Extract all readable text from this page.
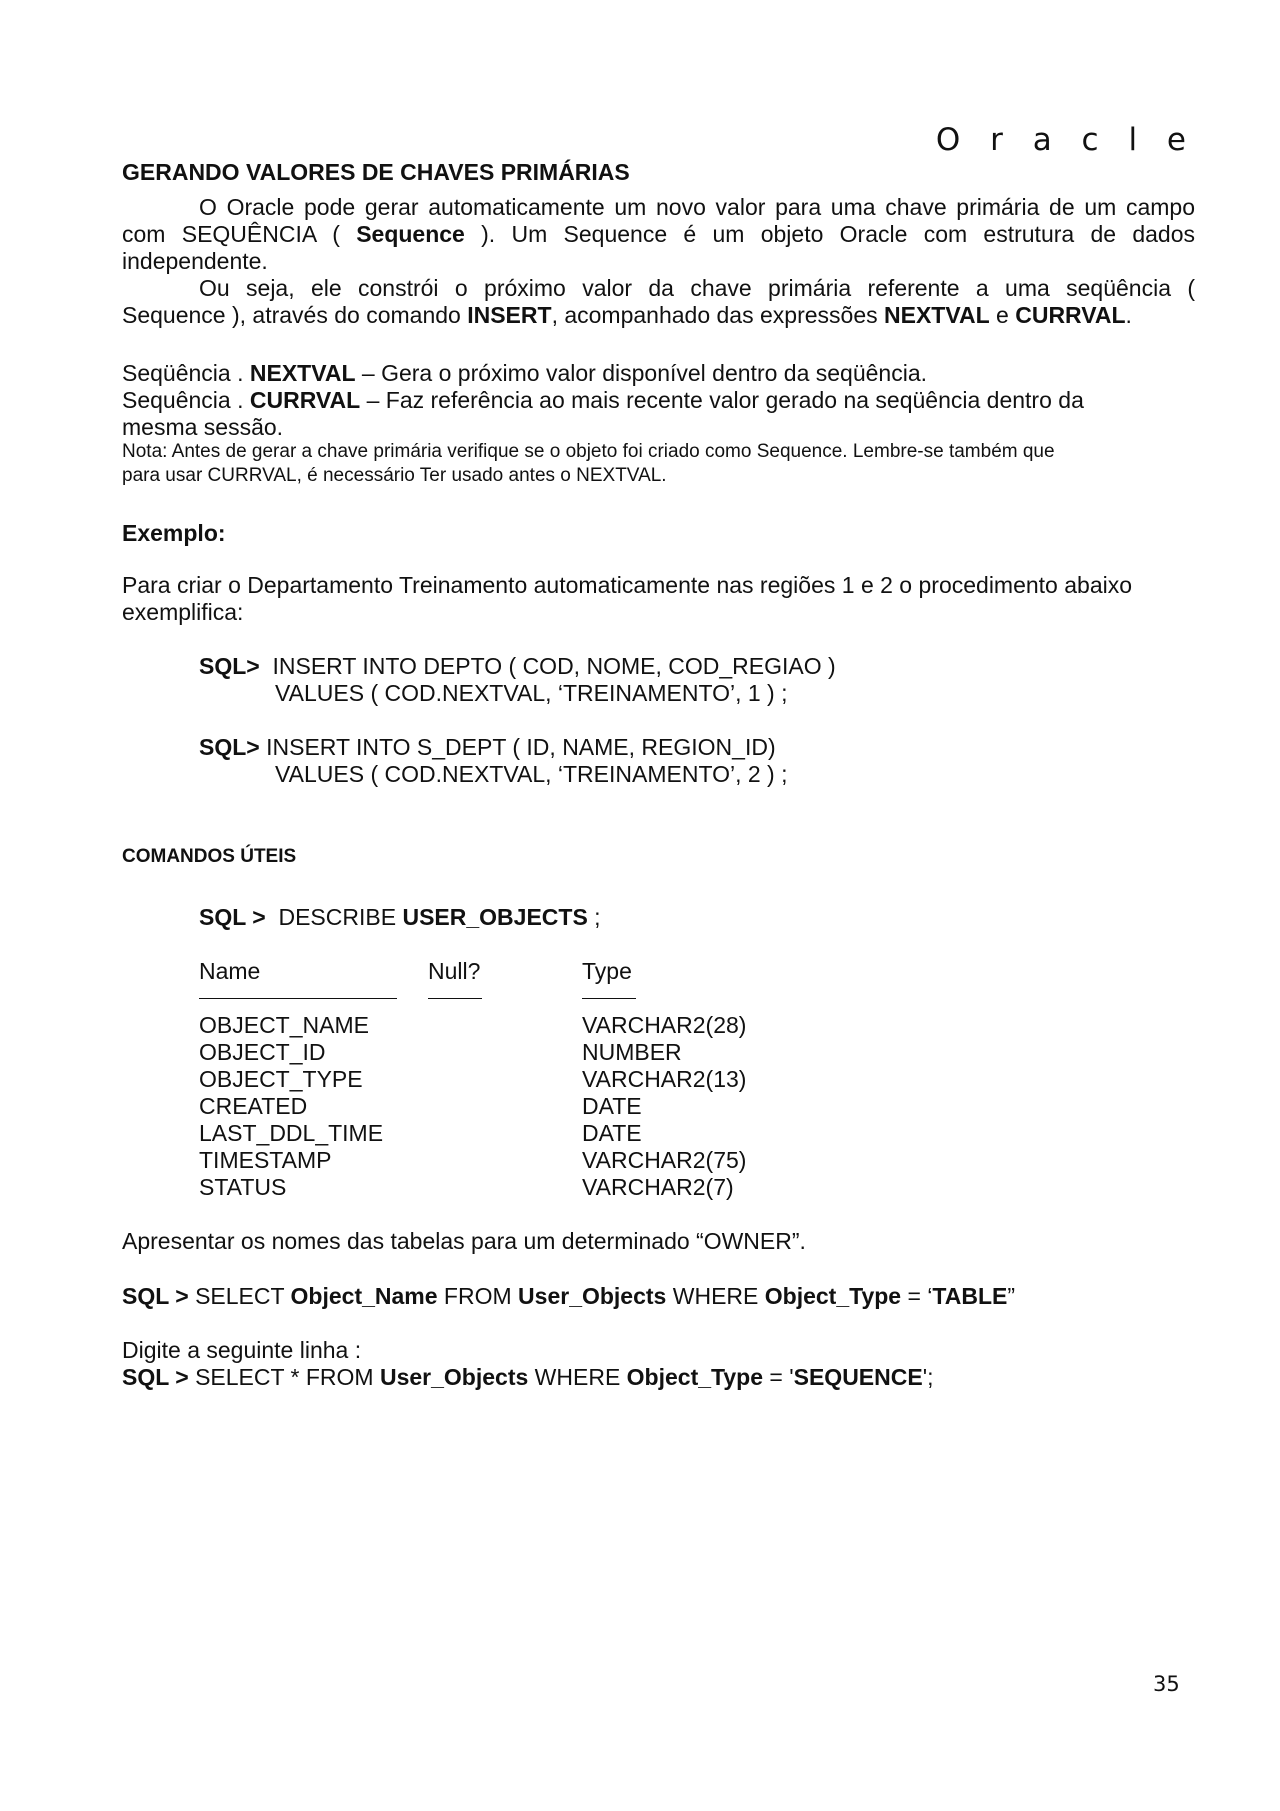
O r a c l e
GERANDO VALORES DE CHAVES PRIMÁRIAS
O Oracle pode gerar automaticamente um novo valor para uma chave primária de um campo
com SEQUÊNCIA ( Sequence ). Um Sequence é um objeto Oracle com estrutura de dados
independente.
Ou seja, ele constrói o próximo valor da chave primária referente a uma seqüência (
Sequence ), através do comando INSERT, acompanhado das expressões NEXTVAL e CURRVAL.
Seqüência . NEXTVAL – Gera o próximo valor disponível dentro da seqüência.
Sequência . CURRVAL – Faz referência ao mais recente valor gerado na seqüência dentro da
mesma sessão.
Nota: Antes de gerar a chave primária verifique se o objeto foi criado como Sequence. Lembre-se também que
para usar CURRVAL, é necessário Ter usado antes o NEXTVAL.
Exemplo:
Para criar o Departamento Treinamento automaticamente nas regiões 1 e 2 o procedimento abaixo
exemplifica:
SQL> INSERT INTO DEPTO ( COD, NOME, COD_REGIAO )
VALUES ( COD.NEXTVAL, ‘TREINAMENTO’, 1 ) ;
SQL> INSERT INTO S_DEPT ( ID, NAME, REGION_ID)
VALUES ( COD.NEXTVAL, ‘TREINAMENTO’, 2 ) ;
COMANDOS ÚTEIS
SQL > DESCRIBE USER_OBJECTS ;
Name	Null?	Type
OBJECT_NAME	VARCHAR2(28)
OBJECT_ID	NUMBER
OBJECT_TYPE	VARCHAR2(13)
CREATED	DATE
LAST_DDL_TIME	DATE
TIMESTAMP	VARCHAR2(75)
STATUS	VARCHAR2(7)
Apresentar os nomes das tabelas para um determinado “OWNER”.
SQL > SELECT Object_Name FROM User_Objects WHERE Object_Type = ‘TABLE”
Digite a seguinte linha :
SQL > SELECT * FROM User_Objects WHERE Object_Type = 'SEQUENCE';
35
